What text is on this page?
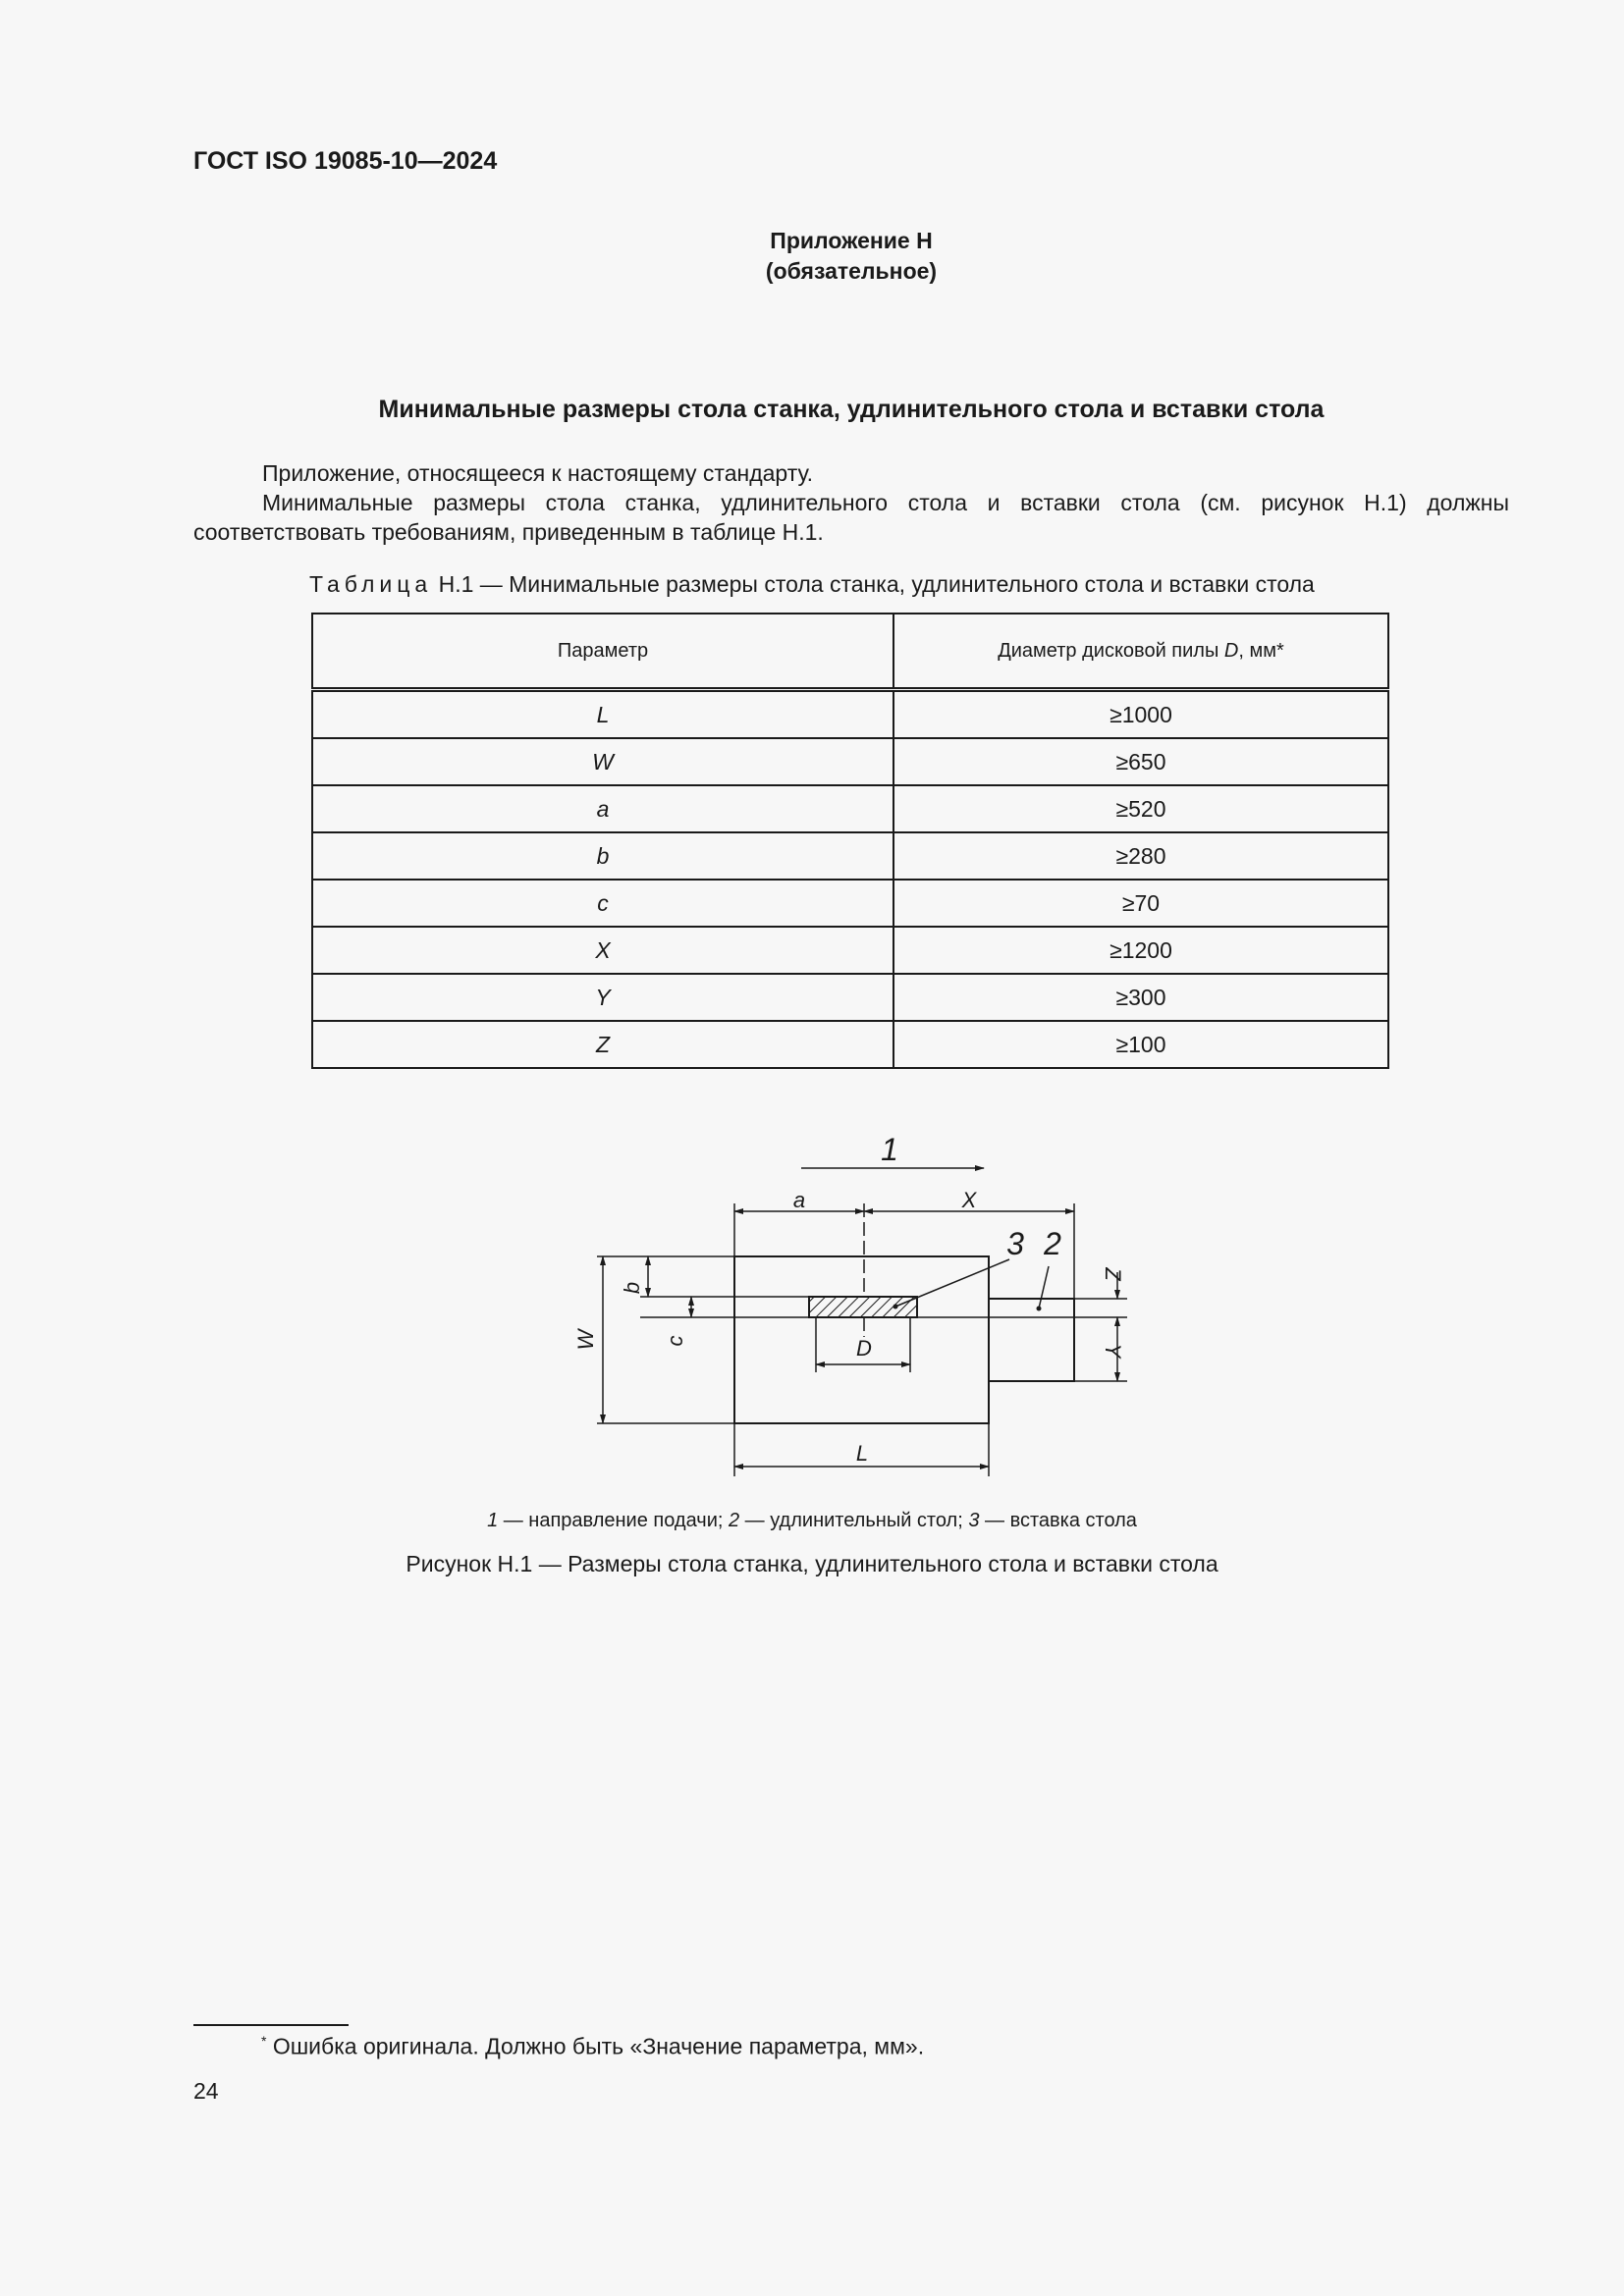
ГОСТ ISO 19085-10—2024
Приложение Н
(обязательное)
Минимальные размеры стола станка, удлинительного стола и вставки стола

Приложение, относящееся к настоящему стандарту.

Минимальные размеры стола станка, удлинительного стола и вставки стола (см. рисунок Н.1) должны соответствовать требованиям, приведенным в таблице Н.1.

Таблица Н.1 — Минимальные размеры стола станка, удлинительного стола и вставки стола
Параметр	Диаметр дисковой пилы D, мм*
L	≥1000
W	≥650
a	≥520
b	≥280
c	≥70
X	≥1200
Y	≥300
Z	≥100
1
3 2
a	X
D
L
W
b
c
Z
Y
1 — направление подачи; 2 — удлинительный стол; 3 — вставка стола
Рисунок Н.1 — Размеры стола станка, удлинительного стола и вставки стола
* Ошибка оригинала. Должно быть «Значение параметра, мм».
24
